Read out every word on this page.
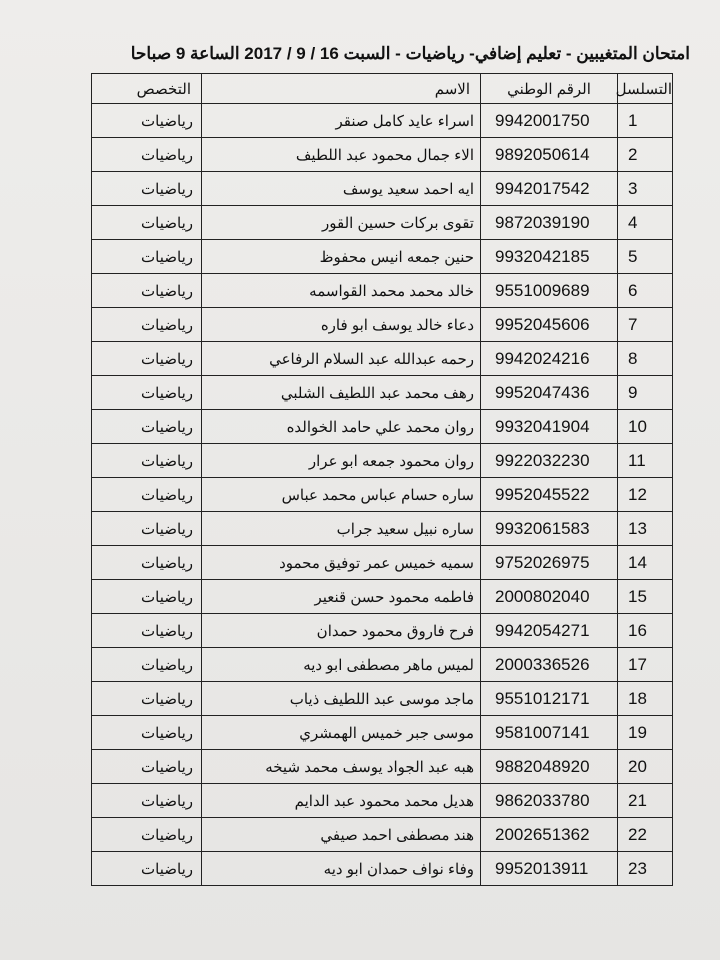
امتحان المتغيبين - تعليم إضافي- رياضيات - السبت 16 / 9 / 2017 الساعة 9 صباحا
التسلسل	الرقم الوطني	الاسم	التخصص
1	9942001750	اسراء عايد كامل صنقر	رياضيات
2	9892050614	الاء جمال محمود عبد اللطيف	رياضيات
3	9942017542	ايه احمد سعيد يوسف	رياضيات
4	9872039190	تقوى بركات حسين القور	رياضيات
5	9932042185	حنين جمعه انيس محفوظ	رياضيات
6	9551009689	خالد محمد محمد القواسمه	رياضيات
7	9952045606	دعاء خالد يوسف ابو فاره	رياضيات
8	9942024216	رحمه عبدالله عبد السلام الرفاعي	رياضيات
9	9952047436	رهف محمد عبد اللطيف الشلبي	رياضيات
10	9932041904	روان محمد علي حامد الخوالده	رياضيات
11	9922032230	روان محمود جمعه ابو عرار	رياضيات
12	9952045522	ساره حسام عباس محمد عباس	رياضيات
13	9932061583	ساره نبيل سعيد جراب	رياضيات
14	9752026975	سميه خميس عمر توفيق محمود	رياضيات
15	2000802040	فاطمه محمود حسن قنعير	رياضيات
16	9942054271	فرح فاروق محمود حمدان	رياضيات
17	2000336526	لميس ماهر مصطفى ابو ديه	رياضيات
18	9551012171	ماجد موسى عبد اللطيف ذياب	رياضيات
19	9581007141	موسى جبر خميس الهمشري	رياضيات
20	9882048920	هبه عبد الجواد يوسف محمد شيخه	رياضيات
21	9862033780	هديل محمد محمود عبد الدايم	رياضيات
22	2002651362	هند مصطفى احمد صيفي	رياضيات
23	9952013911	وفاء نواف حمدان ابو ديه	رياضيات
